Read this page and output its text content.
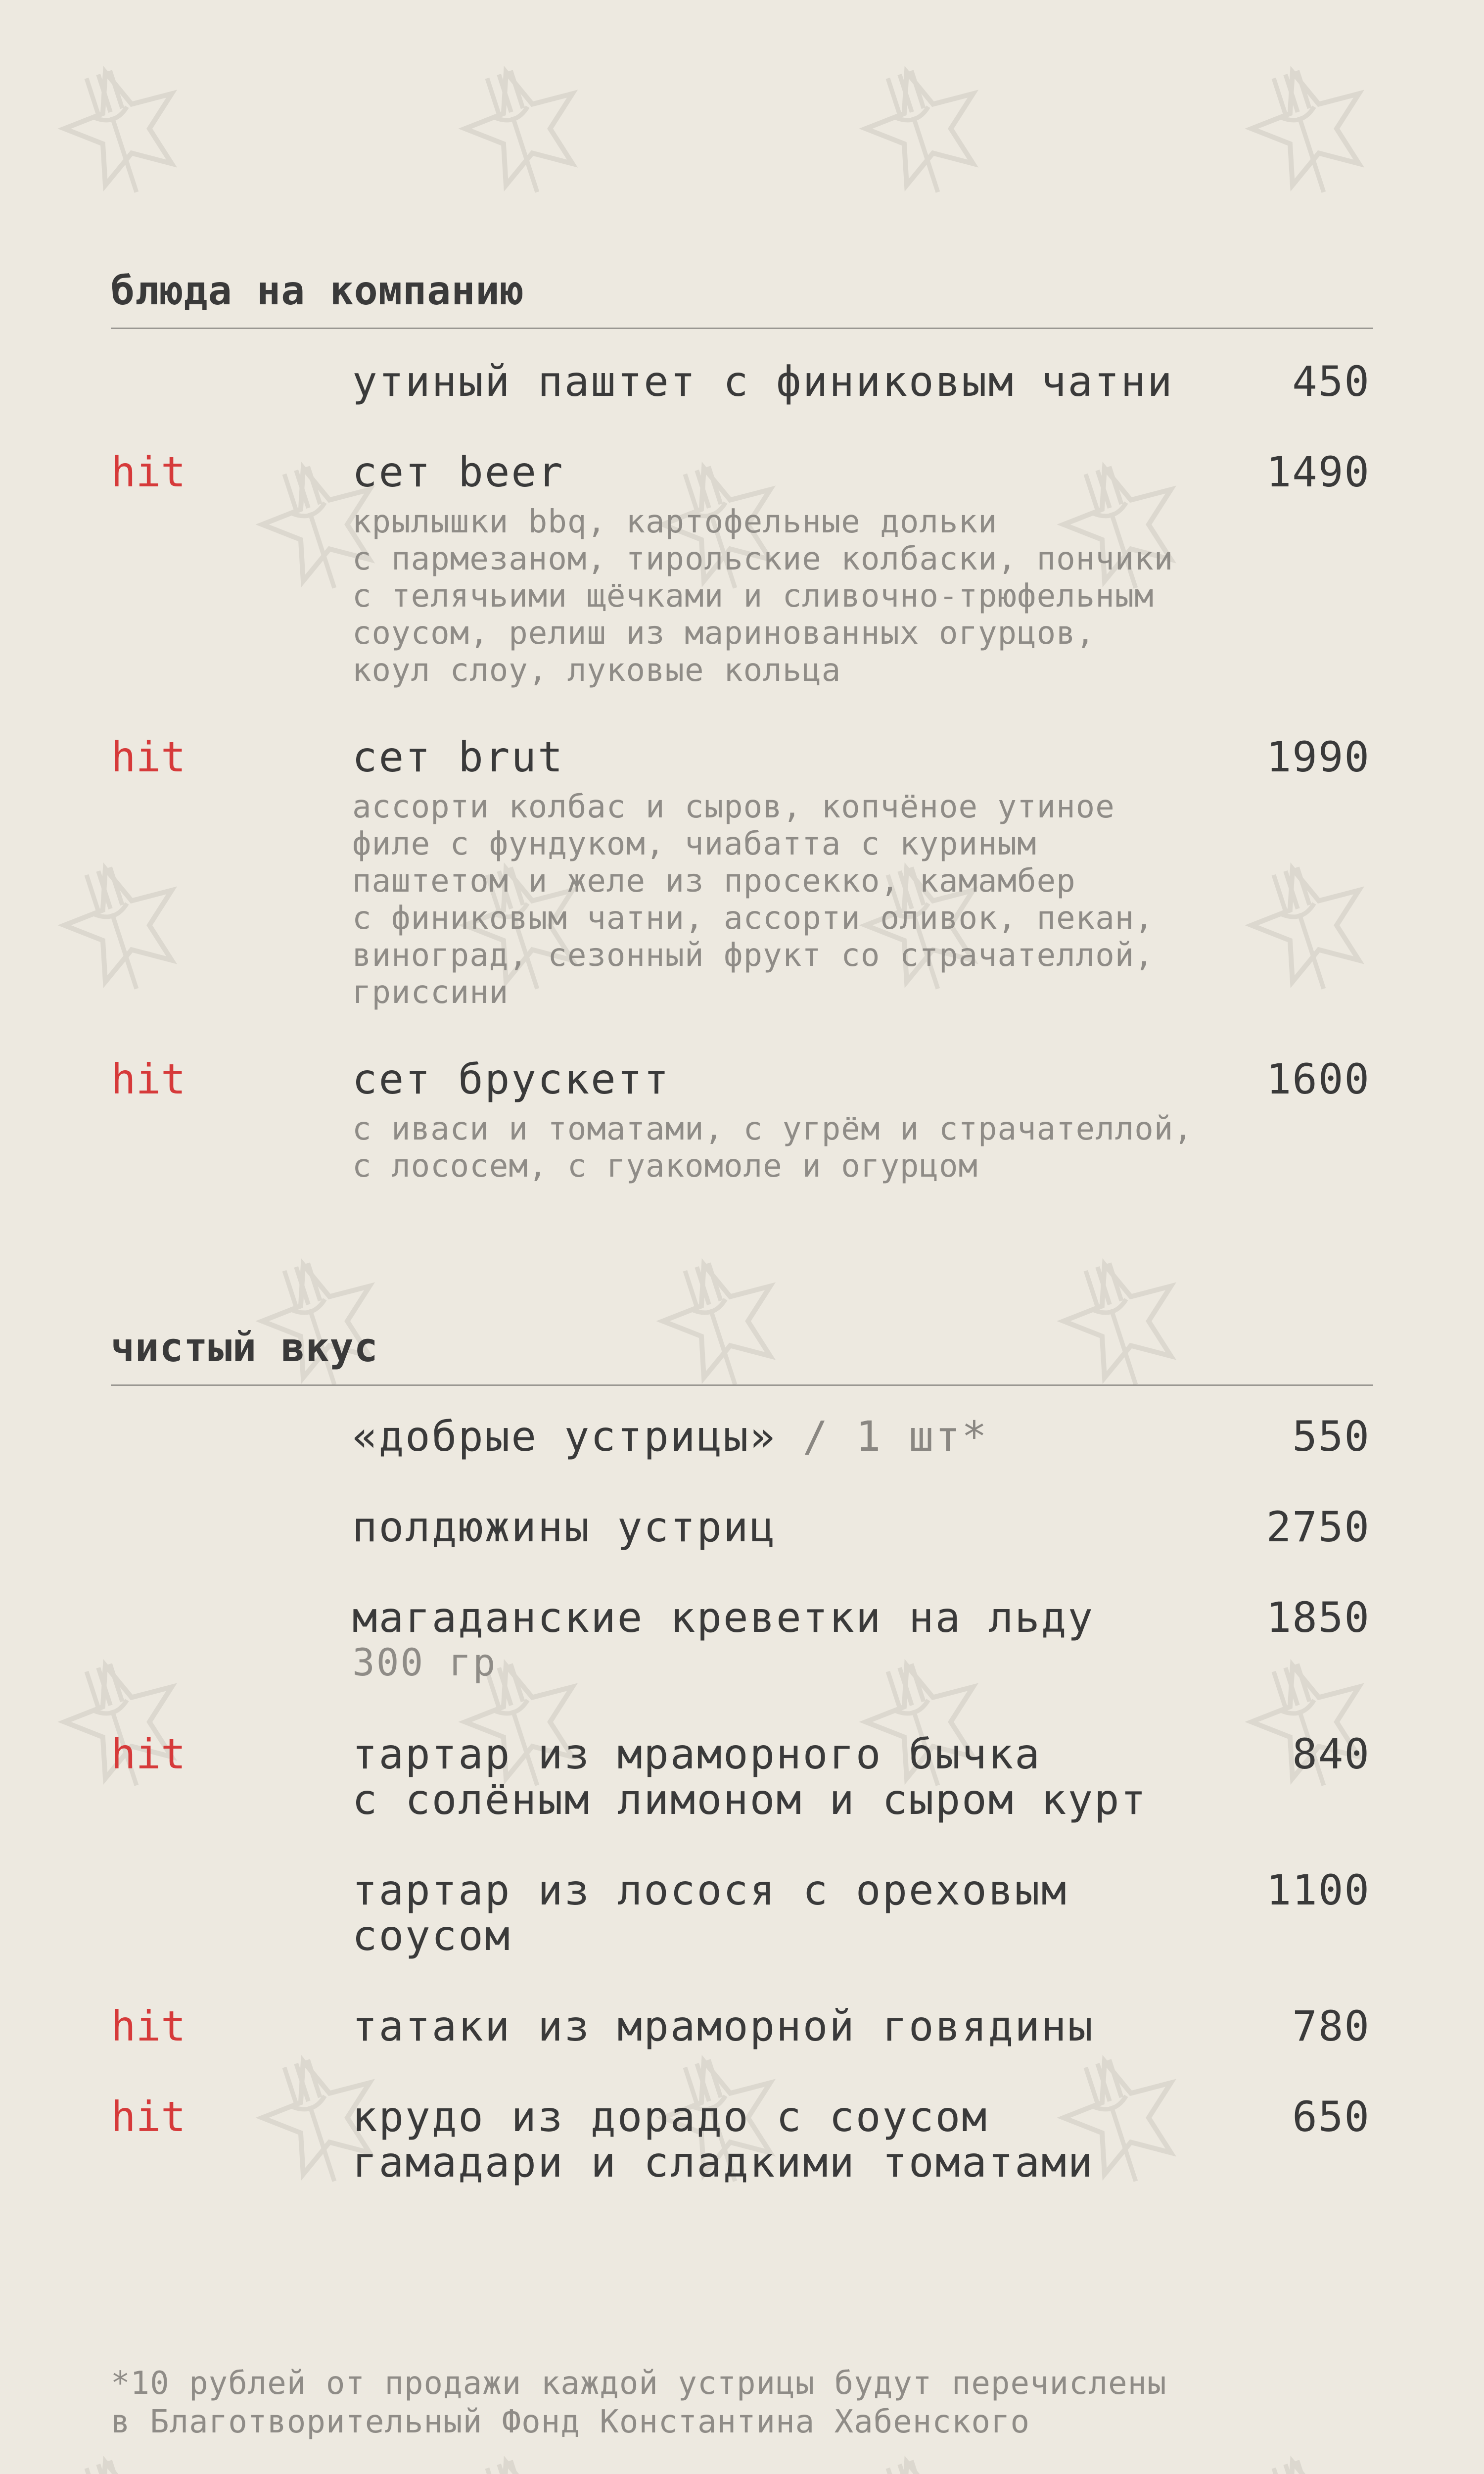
блюда на компанию
утиный паштет с финиковым чатни	450
hit	сет beer	1490
крылышки bbq, картофельные дольки
с пармезаном, тирольские колбаски, пончики
с телячьими щёчками и сливочно-трюфельным
соусом, релиш из маринованных огурцов,
коул слоу, луковые кольца
hit	сет brut	1990
ассорти колбас и сыров, копчёное утиное
филе с фундуком, чиабатта с куриным
паштетом и желе из просекко, камамбер
с финиковым чатни, ассорти оливок, пекан,
виноград, сезонный фрукт со страчателлой,
гриссини
hit	сет брускетт	1600
с иваси и томатами, с угрём и страчателлой,
с лососем, с гуакомоле и огурцом
чистый вкус
«добрые устрицы» / 1 шт*	550
полдюжины устриц	2750
магаданские креветки на льду	1850
300 гр
hit	тартар из мраморного бычка
с солёным лимоном и сыром курт
840
тартар из лосося с ореховым
соусом
1100
hit	татаки из мраморной говядины	780
hit	крудо из дорадо с соусом
гамадари и сладкими томатами
650
*10 рублей от продажи каждой устрицы будут перечислены
в Благотворительный Фонд Константина Хабенского
